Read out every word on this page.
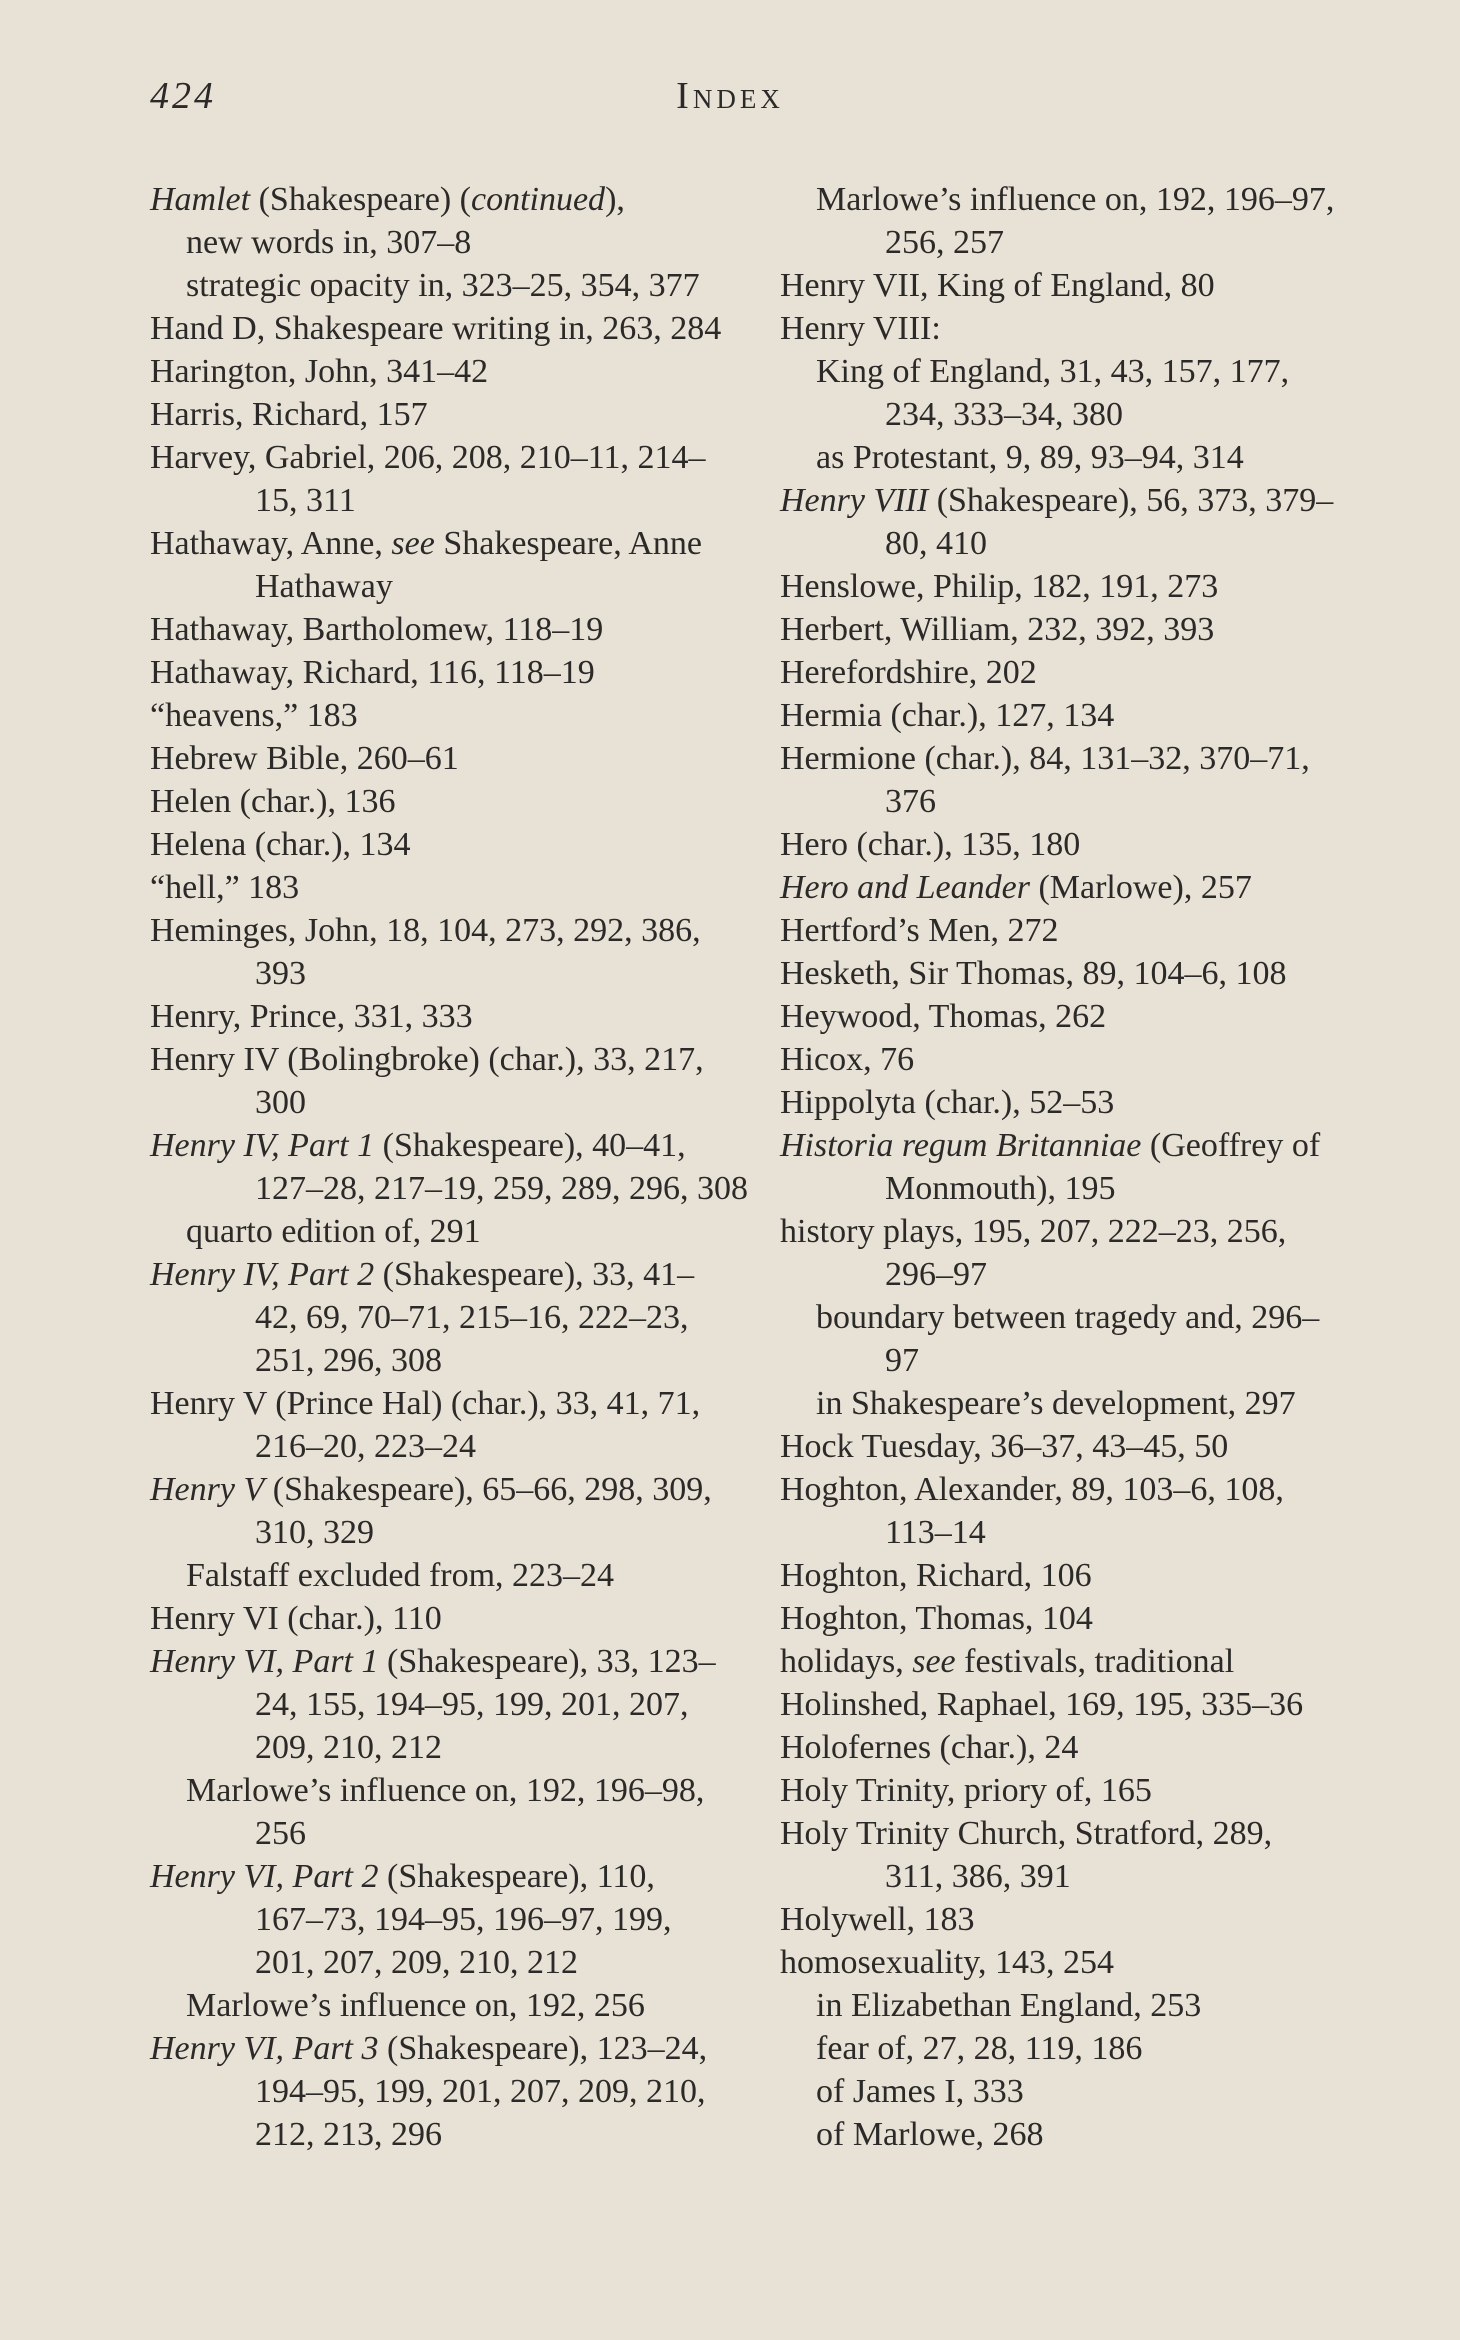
424	Index
Hamlet (Shakespeare) (continued),
new words in, 307–8
strategic opacity in, 323–25, 354, 377
Hand D, Shakespeare writing in, 263, 284
Harington, John, 341–42
Harris, Richard, 157
Harvey, Gabriel, 206, 208, 210–11, 214–
15, 311
Hathaway, Anne, see Shakespeare, Anne
Hathaway
Hathaway, Bartholomew, 118–19
Hathaway, Richard, 116, 118–19
“heavens,” 183
Hebrew Bible, 260–61
Helen (char.), 136
Helena (char.), 134
“hell,” 183
Heminges, John, 18, 104, 273, 292, 386,
393
Henry, Prince, 331, 333
Henry IV (Bolingbroke) (char.), 33, 217,
300
Henry IV, Part 1 (Shakespeare), 40–41,
127–28, 217–19, 259, 289, 296, 308
quarto edition of, 291
Henry IV, Part 2 (Shakespeare), 33, 41–
42, 69, 70–71, 215–16, 222–23,
251, 296, 308
Henry V (Prince Hal) (char.), 33, 41, 71,
216–20, 223–24
Henry V (Shakespeare), 65–66, 298, 309,
310, 329
Falstaff excluded from, 223–24
Henry VI (char.), 110
Henry VI, Part 1 (Shakespeare), 33, 123–
24, 155, 194–95, 199, 201, 207,
209, 210, 212
Marlowe’s influence on, 192, 196–98,
256
Henry VI, Part 2 (Shakespeare), 110,
167–73, 194–95, 196–97, 199,
201, 207, 209, 210, 212
Marlowe’s influence on, 192, 256
Henry VI, Part 3 (Shakespeare), 123–24,
194–95, 199, 201, 207, 209, 210,
212, 213, 296
Marlowe’s influence on, 192, 196–97,
256, 257
Henry VII, King of England, 80
Henry VIII:
King of England, 31, 43, 157, 177,
234, 333–34, 380
as Protestant, 9, 89, 93–94, 314
Henry VIII (Shakespeare), 56, 373, 379–
80, 410
Henslowe, Philip, 182, 191, 273
Herbert, William, 232, 392, 393
Herefordshire, 202
Hermia (char.), 127, 134
Hermione (char.), 84, 131–32, 370–71,
376
Hero (char.), 135, 180
Hero and Leander (Marlowe), 257
Hertford’s Men, 272
Hesketh, Sir Thomas, 89, 104–6, 108
Heywood, Thomas, 262
Hicox, 76
Hippolyta (char.), 52–53
Historia regum Britanniae (Geoffrey of
Monmouth), 195
history plays, 195, 207, 222–23, 256,
296–97
boundary between tragedy and, 296–
97
in Shakespeare’s development, 297
Hock Tuesday, 36–37, 43–45, 50
Hoghton, Alexander, 89, 103–6, 108,
113–14
Hoghton, Richard, 106
Hoghton, Thomas, 104
holidays, see festivals, traditional
Holinshed, Raphael, 169, 195, 335–36
Holofernes (char.), 24
Holy Trinity, priory of, 165
Holy Trinity Church, Stratford, 289,
311, 386, 391
Holywell, 183
homosexuality, 143, 254
in Elizabethan England, 253
fear of, 27, 28, 119, 186
of James I, 333
of Marlowe, 268
